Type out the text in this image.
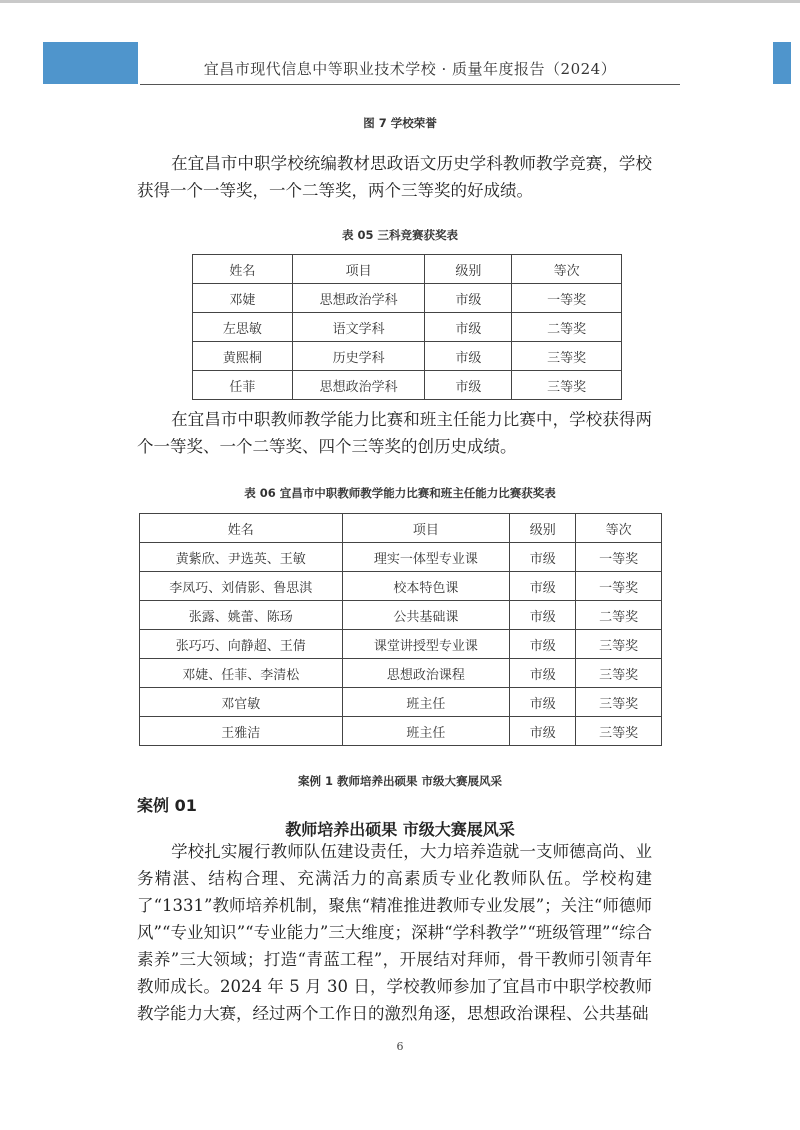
宜昌市现代信息中等职业技术学校 · 质量年度报告（2024）
图 7 学校荣誉

在宜昌市中职学校统编教材思政语文历史学科教师教学竞赛，学校获得一个一等奖，一个二等奖，两个三等奖的好成绩。

表 05 三科竞赛获奖表
姓名	项目	级别	等次
邓婕	思想政治学科	市级	一等奖
左思敏	语文学科	市级	二等奖
黄熙桐	历史学科	市级	三等奖
任菲	思想政治学科	市级	三等奖

在宜昌市中职教师教学能力比赛和班主任能力比赛中，学校获得两个一等奖、一个二等奖、四个三等奖的创历史成绩。

表 06 宜昌市中职教师教学能力比赛和班主任能力比赛获奖表
姓名	项目	级别	等次
黄紫欣、尹选英、王敏	理实一体型专业课	市级	一等奖
李凤巧、刘倩影、鲁思淇	校本特色课	市级	一等奖
张露、姚蕾、陈玚	公共基础课	市级	二等奖
张巧巧、向静超、王倩	课堂讲授型专业课	市级	三等奖
邓婕、任菲、李清松	思想政治课程	市级	三等奖
邓官敏	班主任	市级	三等奖
王雅洁	班主任	市级	三等奖
案例 1 教师培养出硕果 市级大赛展风采
案例 01
教师培养出硕果 市级大赛展风采

学校扎实履行教师队伍建设责任，大力培养造就一支师德高尚、业务精湛、结构合理、充满活力的高素质专业化教师队伍。学校构建了“1331”教师培养机制，聚焦“精准推进教师专业发展”；关注“师德师风”“专业知识”“专业能力”三大维度；深耕“学科教学”“班级管理”“综合素养”三大领域；打造“青蓝工程”，开展结对拜师，骨干教师引领青年教师成长。2024 年 5 月 30 日，学校教师参加了宜昌市中职学校教师教学能力大赛，经过两个工作日的激烈角逐，思想政治课程、公共基础

6
